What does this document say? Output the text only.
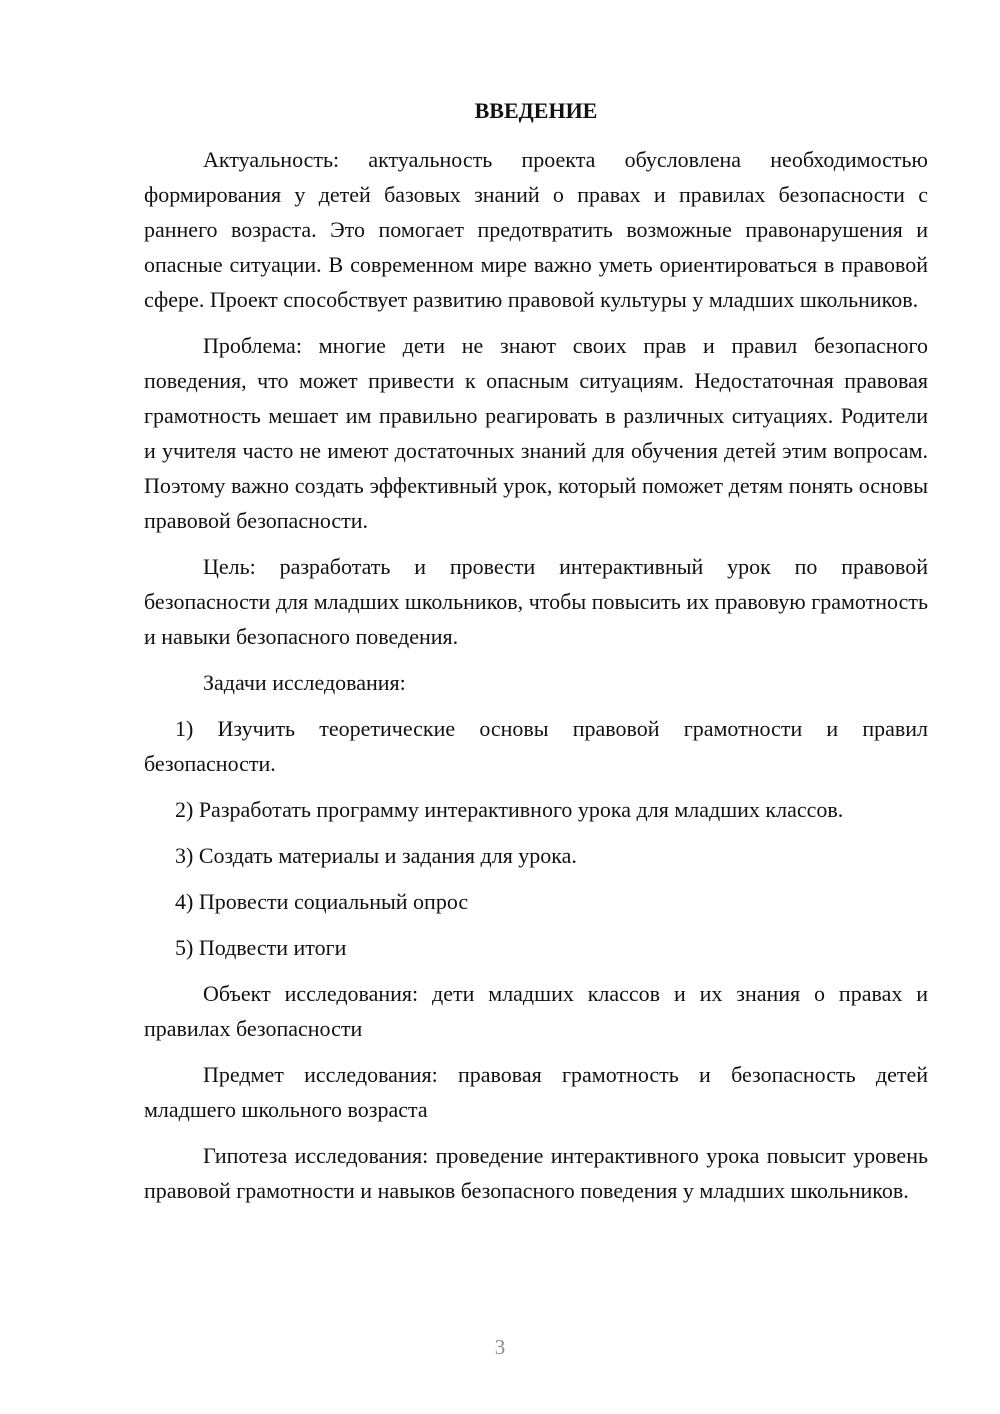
ВВЕДЕНИЕ

Актуальность: актуальность проекта обусловлена необходимостью формирования у детей базовых знаний о правах и правилах безопасности с раннего возраста. Это помогает предотвратить возможные правонарушения и опасные ситуации. В современном мире важно уметь ориентироваться в правовой сфере. Проект способствует развитию правовой культуры у младших школьников.

Проблема: многие дети не знают своих прав и правил безопасного поведения, что может привести к опасным ситуациям. Недостаточная правовая грамотность мешает им правильно реагировать в различных ситуациях. Родители и учителя часто не имеют достаточных знаний для обучения детей этим вопросам. Поэтому важно создать эффективный урок, который поможет детям понять основы правовой безопасности.

Цель: разработать и провести интерактивный урок по правовой безопасности для младших школьников, чтобы повысить их правовую грамотность и навыки безопасного поведения.

Задачи исследования:

1) Изучить теоретические основы правовой грамотности и правил безопасности.

2) Разработать программу интерактивного урока для младших классов.

3) Создать материалы и задания для урока.

4) Провести социальный опрос

5) Подвести итоги

Объект исследования: дети младших классов и их знания о правах и правилах безопасности

Предмет исследования: правовая грамотность и безопасность детей младшего школьного возраста

Гипотеза исследования: проведение интерактивного урока повысит уровень правовой грамотности и навыков безопасного поведения у младших школьников.

3
